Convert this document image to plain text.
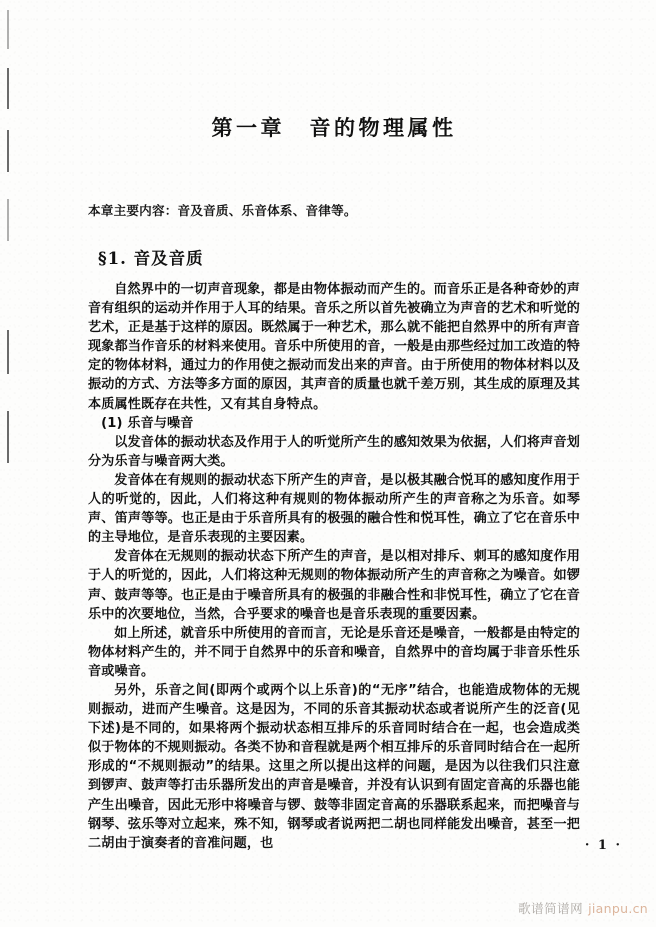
第一章　音的物理属性

本章主要内容：音及音质、乐音体系、音律等。

§1. 音及音质

自然界中的一切声音现象，都是由物体振动而产生的。而音乐正是各种奇妙的声音有组织的运动并作用于人耳的结果。音乐之所以首先被确立为声音的艺术和听觉的艺术，正是基于这样的原因。既然属于一种艺术，那么就不能把自然界中的所有声音现象都当作音乐的材料来使用。音乐中所使用的音，一般是由那些经过加工改造的特定的物体材料，通过力的作用使之振动而发出来的声音。由于所使用的物体材料以及振动的方式、方法等多方面的原因，其声音的质量也就千差万别，其生成的原理及其本质属性既存在共性，又有其自身特点。

(1) 乐音与噪音

以发音体的振动状态及作用于人的听觉所产生的感知效果为依据，人们将声音划分为乐音与噪音两大类。

发音体在有规则的振动状态下所产生的声音，是以极其融合悦耳的感知度作用于人的听觉的，因此，人们将这种有规则的物体振动所产生的声音称之为乐音。如琴声、笛声等等。也正是由于乐音所具有的极强的融合性和悦耳性，确立了它在音乐中的主导地位，是音乐表现的主要因素。

发音体在无规则的振动状态下所产生的声音，是以相对排斥、刺耳的感知度作用于人的听觉的，因此，人们将这种无规则的物体振动所产生的声音称之为噪音。如锣声、鼓声等等。也正是由于噪音所具有的极强的非融合性和非悦耳性，确立了它在音乐中的次要地位，当然，合乎要求的噪音也是音乐表现的重要因素。

如上所述，就音乐中所使用的音而言，无论是乐音还是噪音，一般都是由特定的物体材料产生的，并不同于自然界中的乐音和噪音，自然界中的音均属于非音乐性乐音或噪音。

另外，乐音之间(即两个或两个以上乐音)的“无序”结合，也能造成物体的无规则振动，进而产生噪音。这是因为，不同的乐音其振动状态或者说所产生的泛音(见下述)是不同的，如果将两个振动状态相互排斥的乐音同时结合在一起，也会造成类似于物体的不规则振动。各类不协和音程就是两个相互排斥的乐音同时结合在一起所形成的“不规则振动”的结果。这里之所以提出这样的问题，是因为以往我们只注意到锣声、鼓声等打击乐器所发出的声音是噪音，并没有认识到有固定音高的乐器也能产生出噪音，因此无形中将噪音与锣、鼓等非固定音高的乐器联系起来，而把噪音与钢琴、弦乐等对立起来，殊不知，钢琴或者说两把二胡也同样能发出噪音，甚至一把二胡由于演奏者的音准问题，也	· 1 ·
歌谱简谱网 jianpu.cn
